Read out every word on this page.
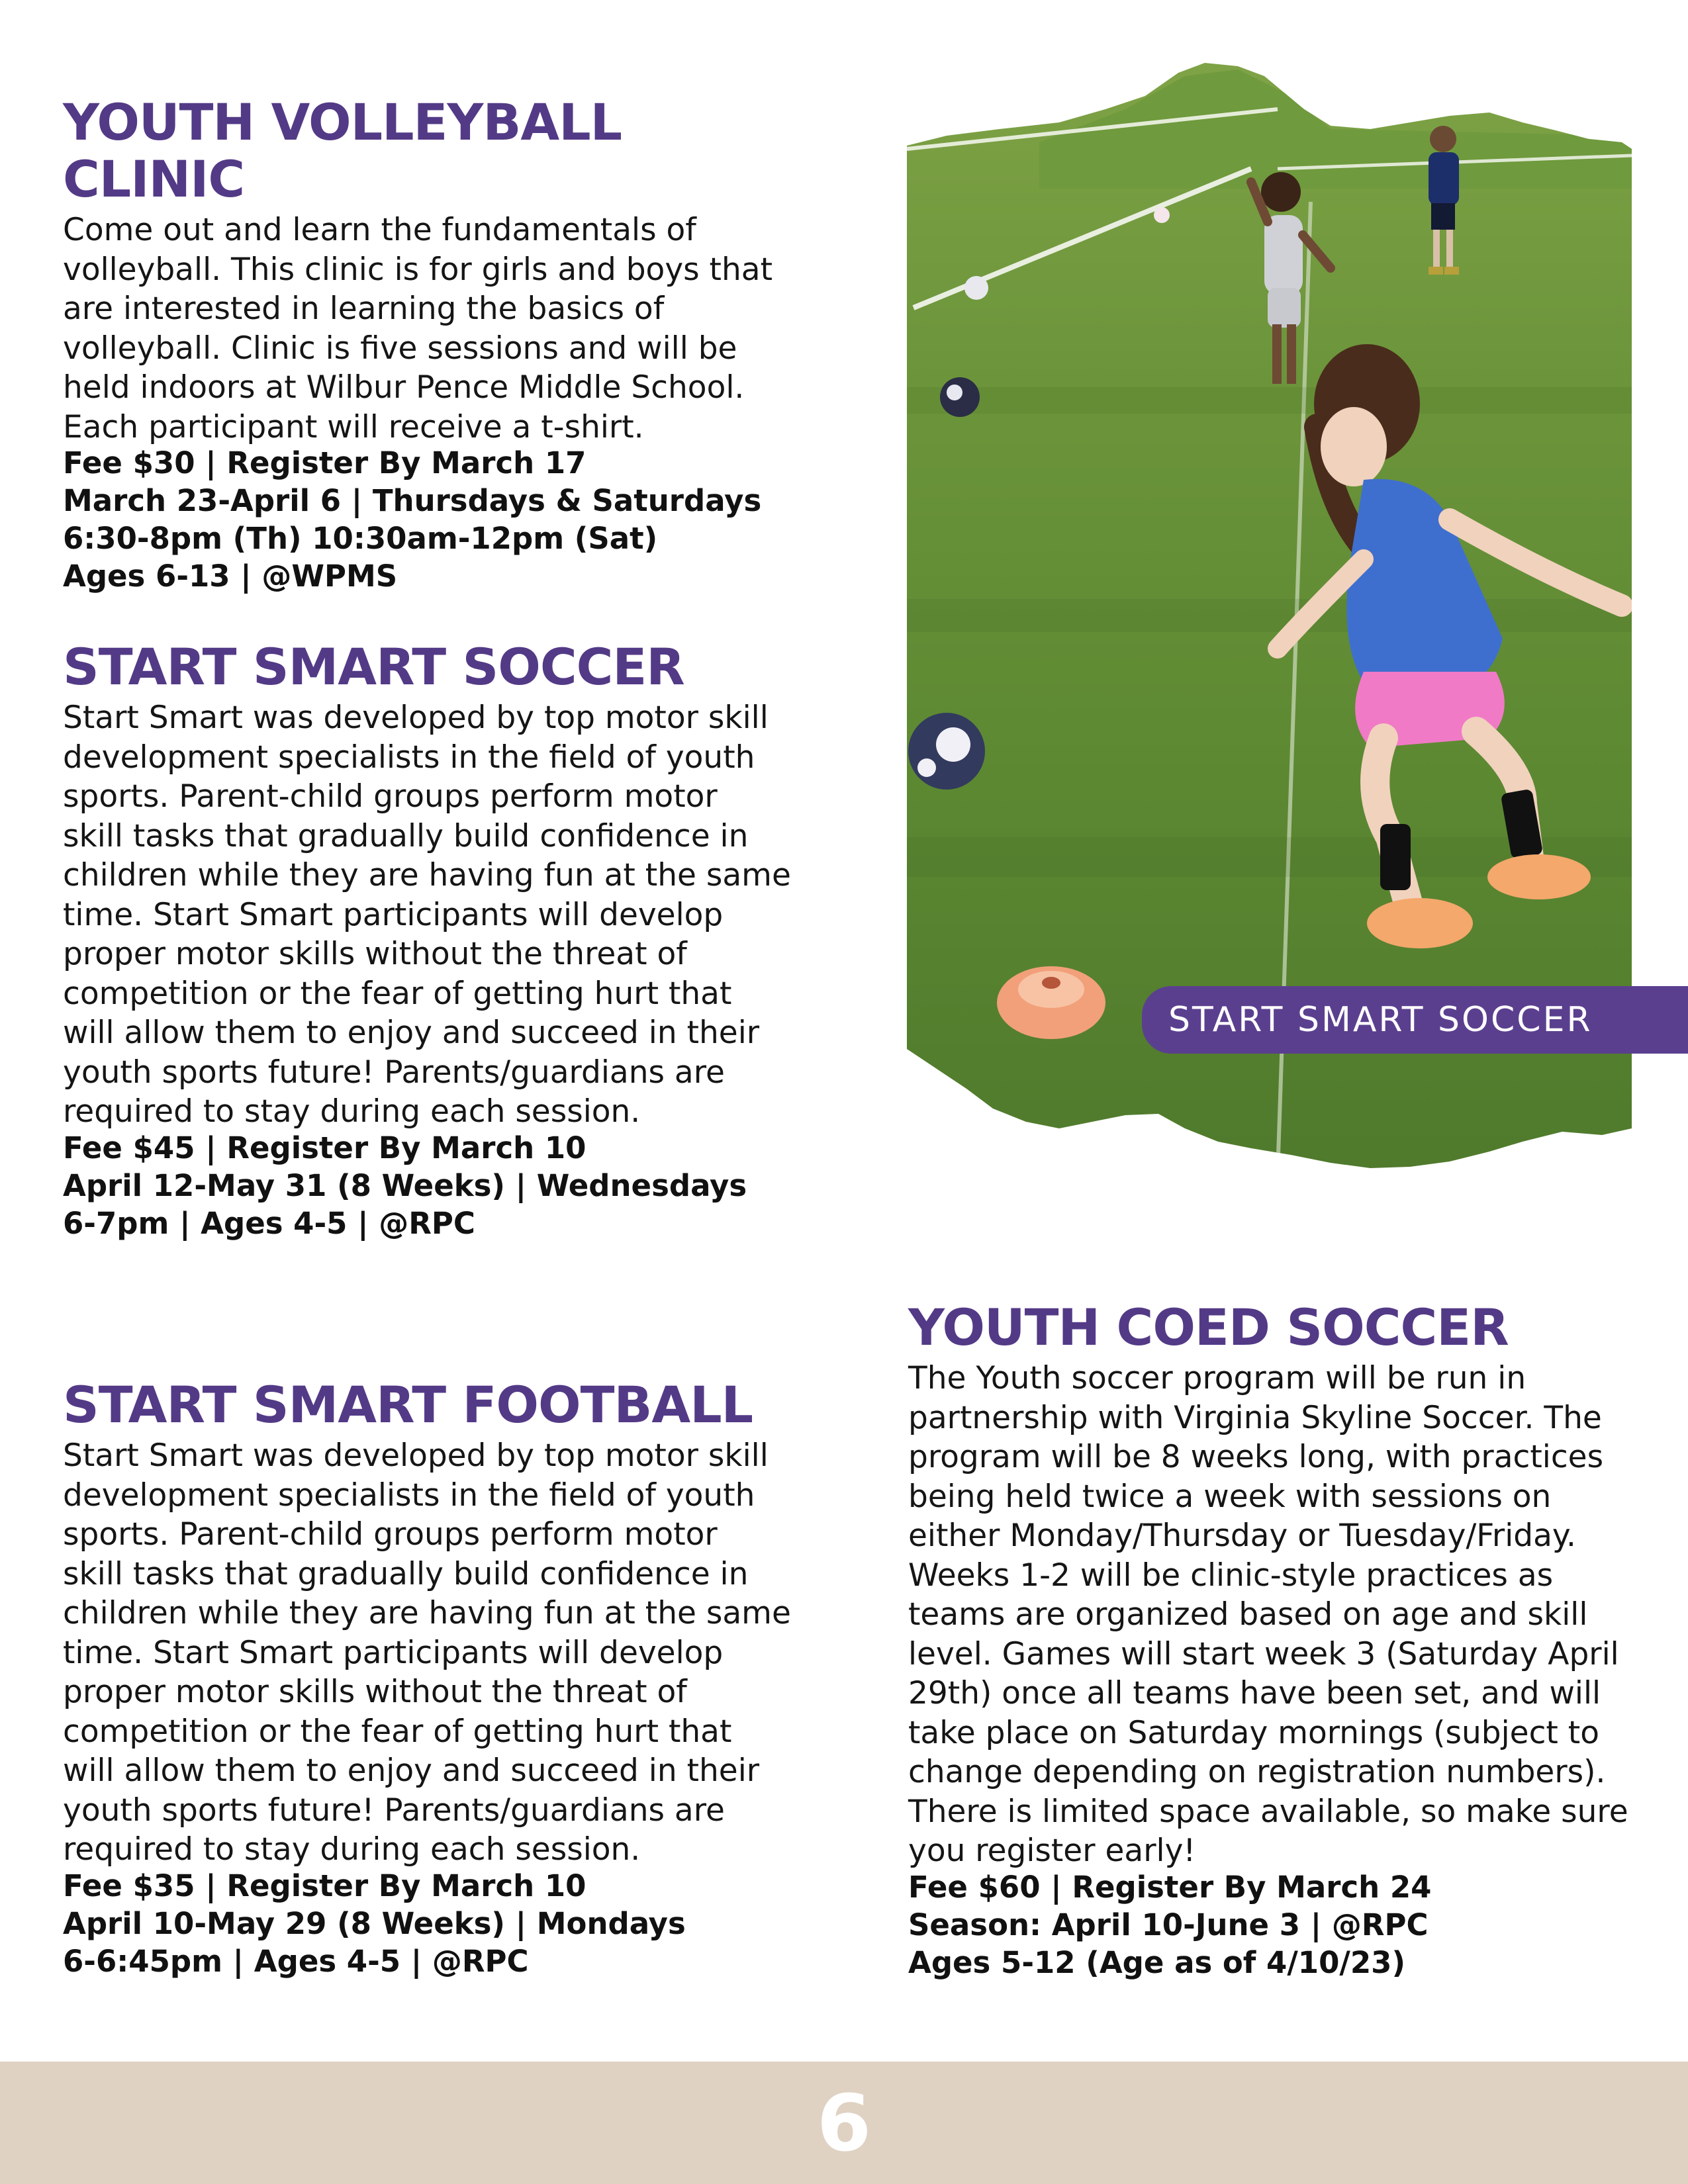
YOUTH VOLLEYBALL CLINIC

Come out and learn the fundamentals of
volleyball. This clinic is for girls and boys that
are interested in learning the basics of
volleyball. Clinic is five sessions and will be
held indoors at Wilbur Pence Middle School.
Each participant will receive a t-shirt.

Fee $30 | Register By March 17
March 23-April 6 | Thursdays & Saturdays
6:30-8pm (Th) 10:30am-12pm (Sat)
Ages 6-13 | @WPMS

START SMART SOCCER

Start Smart was developed by top motor skill
development specialists in the field of youth
sports. Parent-child groups perform motor
skill tasks that gradually build confidence in
children while they are having fun at the same
time. Start Smart participants will develop
proper motor skills without the threat of
competition or the fear of getting hurt that
will allow them to enjoy and succeed in their
youth sports future! Parents/guardians are
required to stay during each session.

Fee $45 | Register By March 10
April 12-May 31 (8 Weeks) | Wednesdays
6-7pm | Ages 4-5 | @RPC

START SMART FOOTBALL

Start Smart was developed by top motor skill
development specialists in the field of youth
sports. Parent-child groups perform motor
skill tasks that gradually build confidence in
children while they are having fun at the same
time. Start Smart participants will develop
proper motor skills without the threat of
competition or the fear of getting hurt that
will allow them to enjoy and succeed in their
youth sports future! Parents/guardians are
required to stay during each session.

Fee $35 | Register By March 10
April 10-May 29 (8 Weeks) | Mondays
6-6:45pm | Ages 4-5 | @RPC

YOUTH COED SOCCER

The Youth soccer program will be run in
partnership with Virginia Skyline Soccer. The
program will be 8 weeks long, with practices
being held twice a week with sessions on
either Monday/Thursday or Tuesday/Friday.
Weeks 1-2 will be clinic-style practices as
teams are organized based on age and skill
level. Games will start week 3 (Saturday April
29th) once all teams have been set, and will
take place on Saturday mornings (subject to
change depending on registration numbers).
There is limited space available, so make sure
you register early!

Fee $60 | Register By March 24
Season: April 10-June 3 | @RPC
Ages 5-12 (Age as of 4/10/23)

START SMART SOCCER
6
